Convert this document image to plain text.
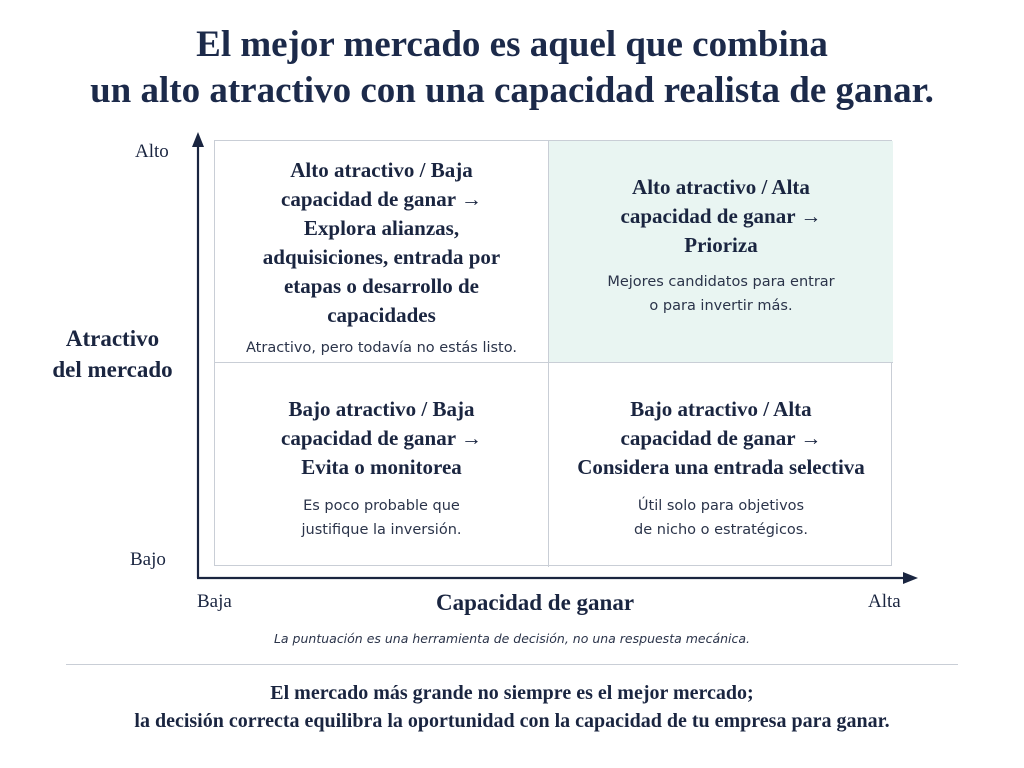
El mejor mercado es aquel que combina
un alto atractivo con una capacidad realista de ganar.
Alto
Bajo
Atractivo
del mercado
Baja	Alta
Capacidad de ganar
Alto atractivo / Baja
capacidad de ganar →
Explora alianzas,
adquisiciones, entrada por
etapas o desarrollo de
capacidades
Atractivo, pero todavía no estás listo.
Alto atractivo / Alta
capacidad de ganar →
Prioriza
Mejores candidatos para entrar
o para invertir más.
Bajo atractivo / Baja
capacidad de ganar →
Evita o monitorea
Es poco probable que
justifique la inversión.
Bajo atractivo / Alta
capacidad de ganar →
Considera una entrada selectiva
Útil solo para objetivos
de nicho o estratégicos.
La puntuación es una herramienta de decisión, no una respuesta mecánica.
El mercado más grande no siempre es el mejor mercado;
la decisión correcta equilibra la oportunidad con la capacidad de tu empresa para ganar.
